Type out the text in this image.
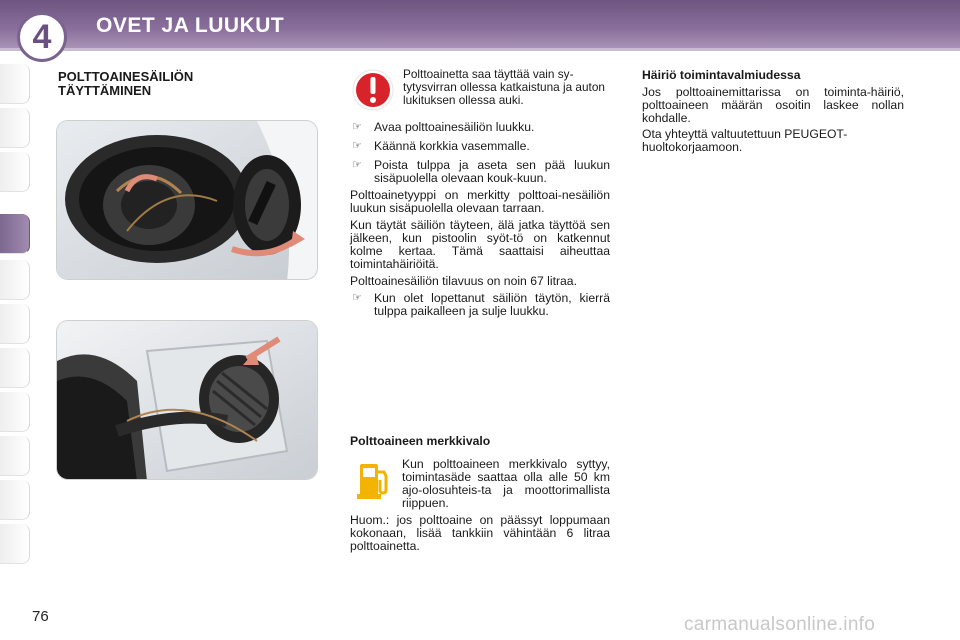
4	OVET JA LUUKUT
POLTTOAINESÄILIÖN
TÄYTTÄMINEN
Polttoainetta saa täyttää vain sy-tytysvirran ollessa katkaistuna ja auton lukituksen ollessa auki.
☞ Avaa polttoainesäiliön luukku.
☞ Käännä korkkia vasemmalle.
☞ Poista tulppa ja aseta sen pää luukun sisäpuolella olevaan kouk-kuun.
Polttoainetyyppi on merkitty polttoai-nesäiliön luukun sisäpuolella olevaan tarraan.
Kun täytät säiliön täyteen, älä jatka täyttöä sen jälkeen, kun pistoolin syöt-tö on katkennut kolme kertaa. Tämä saattaisi aiheuttaa toimintahäiriöitä.
Polttoainesäiliön tilavuus on noin 67 litraa.
☞ Kun olet lopettanut säiliön täytön, kierrä tulppa paikalleen ja sulje luukku.
Polttoaineen merkkivalo
Kun polttoaineen merkkivalo syttyy, toimintasäde saattaa olla alle 50 km ajo-olosuhteis-ta ja moottorimallista riippuen.
Huom.: jos polttoaine on päässyt loppumaan kokonaan, lisää tankkiin vähintään 6 litraa polttoainetta.
Häiriö toimintavalmiudessa
Jos polttoainemittarissa on toiminta-häiriö, polttoaineen määrän osoitin laskee nollan kohdalle.
Ota yhteyttä valtuutettuun PEUGEOT-huoltokorjaamoon.
76	carmanualsonline.info
